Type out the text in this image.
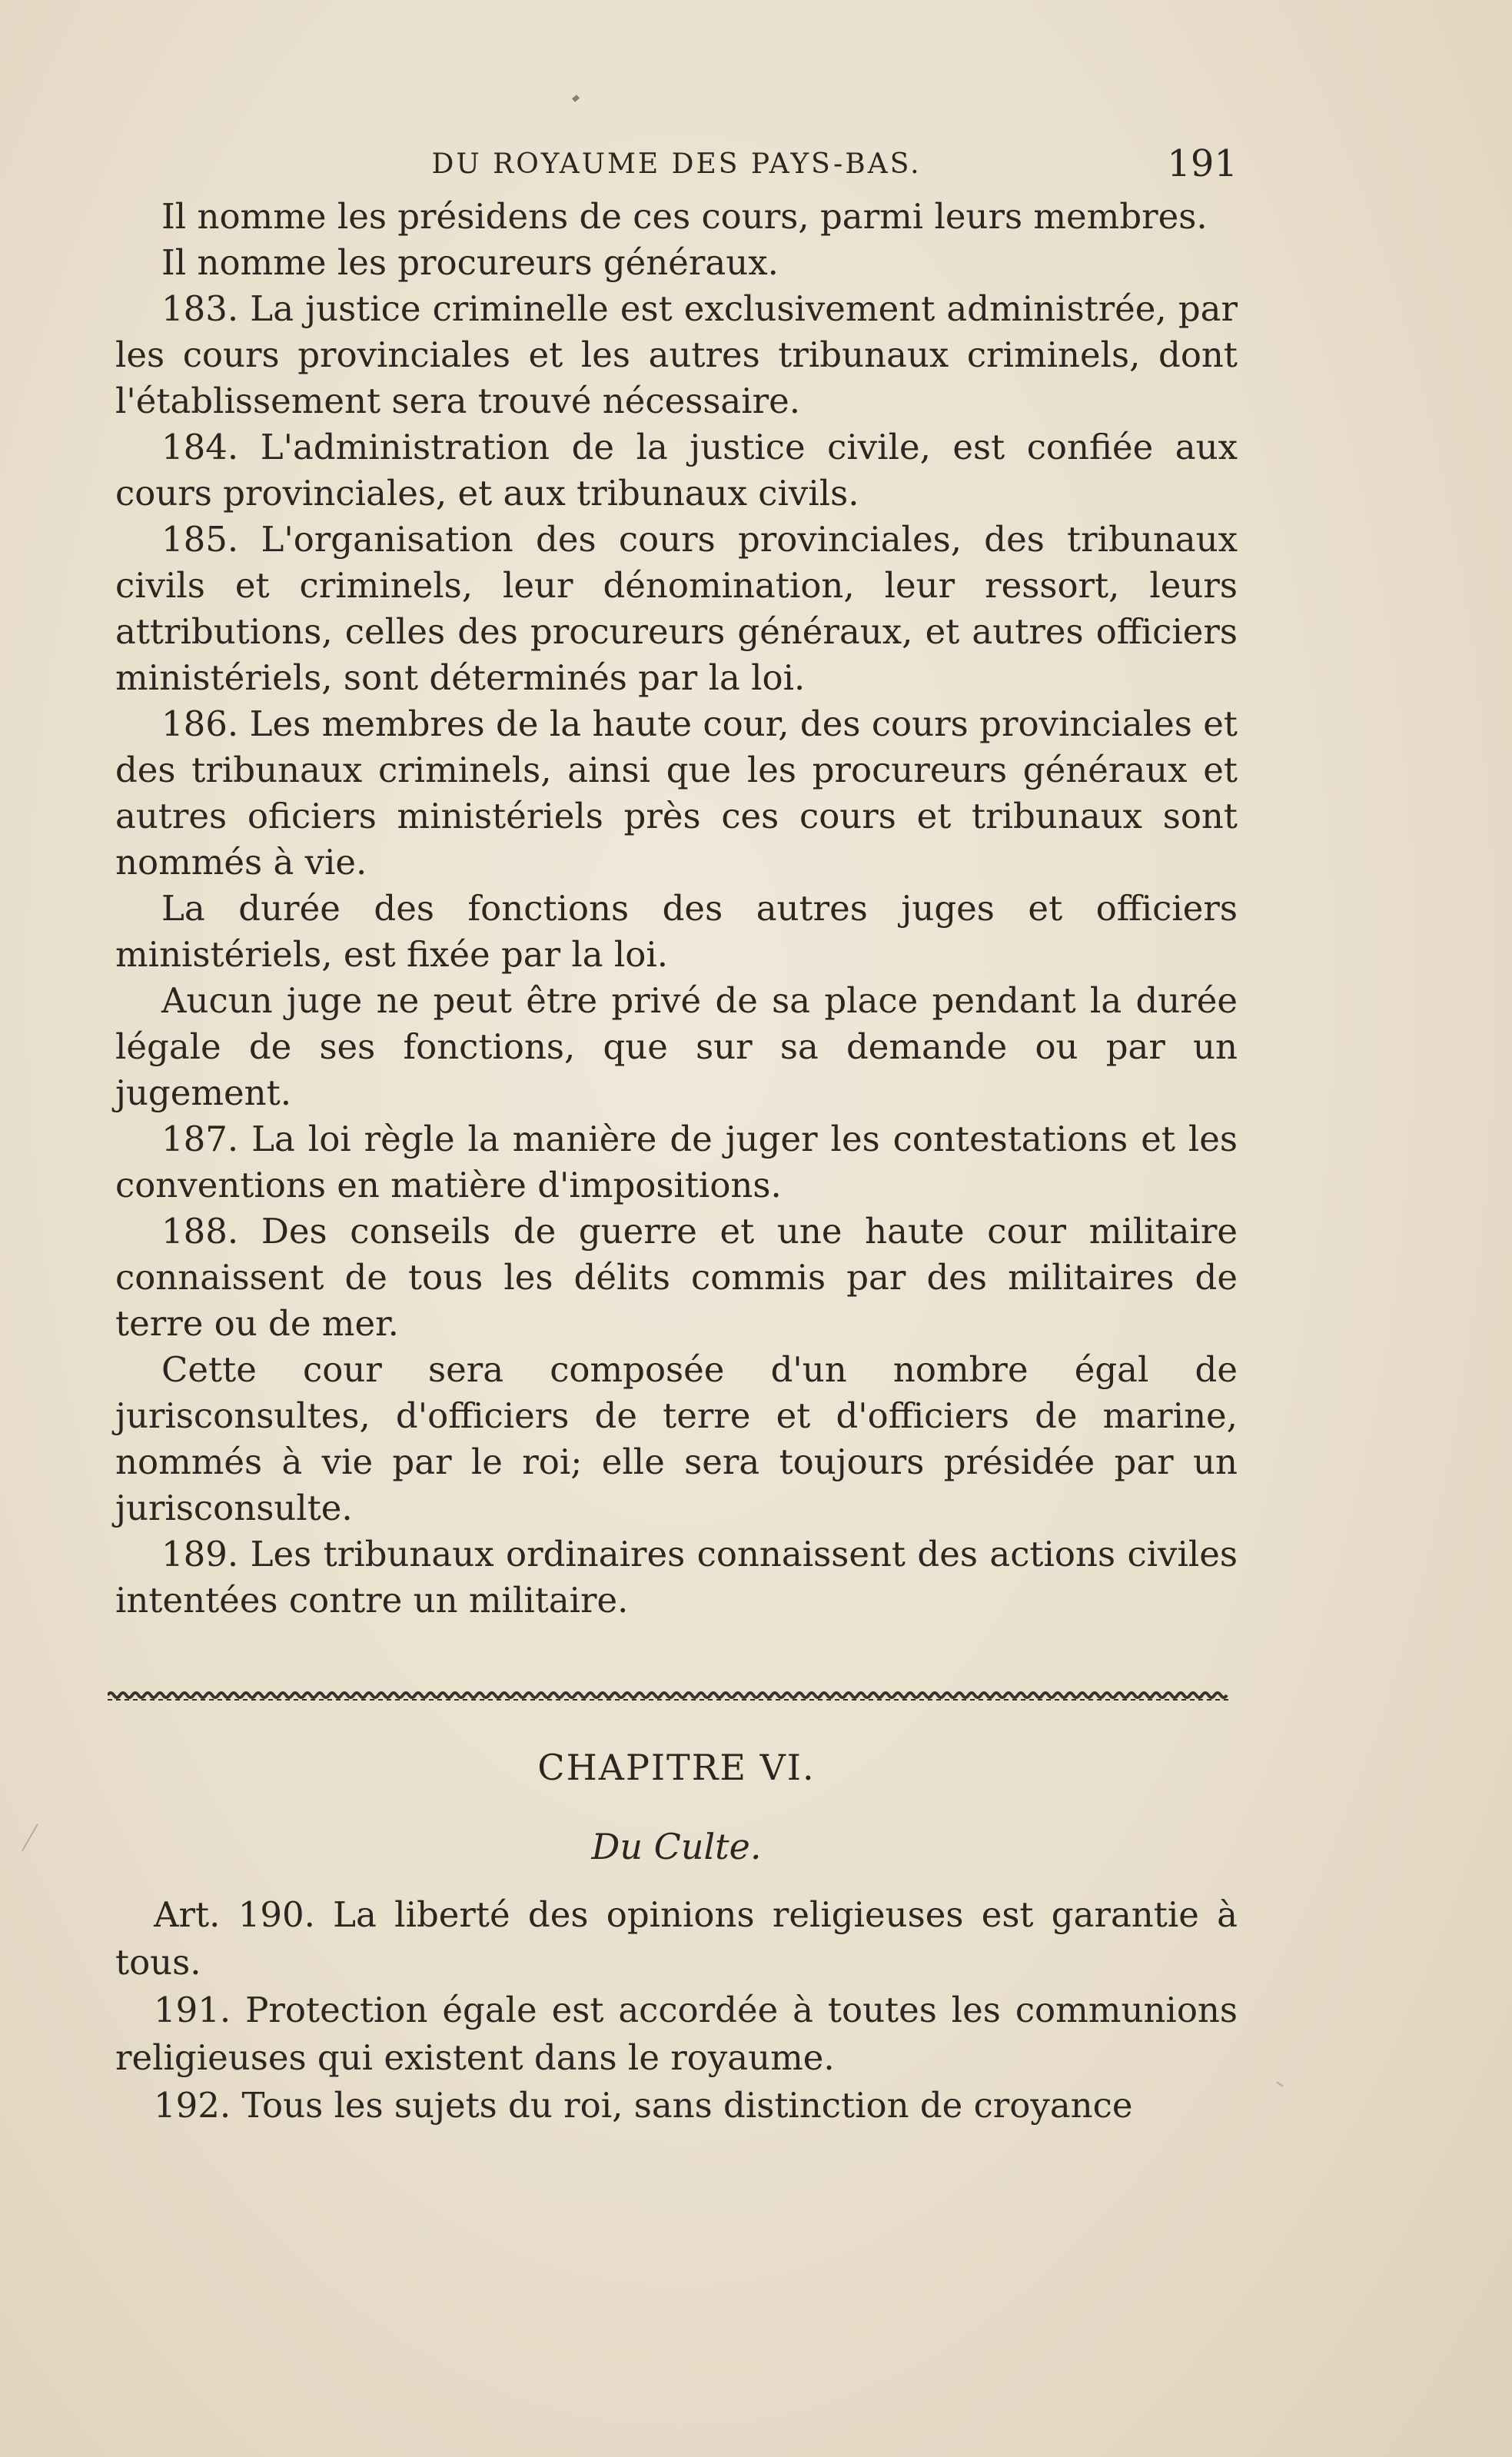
DU ROYAUME DES PAYS-BAS.	191

Il nomme les présidens de ces cours, parmi leurs membres.

Il nomme les procureurs généraux.

183. La justice criminelle est exclusivement administrée, par les cours provinciales et les autres tribunaux criminels, dont l'établissement sera trouvé nécessaire.

184. L'administration de la justice civile, est confiée aux cours provinciales, et aux tribunaux civils.

185. L'organisation des cours provinciales, des tribunaux civils et criminels, leur dénomination, leur ressort, leurs attributions, celles des procureurs généraux, et autres officiers ministériels, sont déterminés par la loi.

186. Les membres de la haute cour, des cours provinciales et des tribunaux criminels, ainsi que les procureurs généraux et autres oficiers ministériels près ces cours et tribunaux sont nommés à vie.

La durée des fonctions des autres juges et officiers ministériels, est fixée par la loi.

Aucun juge ne peut être privé de sa place pendant la durée légale de ses fonctions, que sur sa demande ou par un jugement.

187. La loi règle la manière de juger les contestations et les conventions en matière d'impositions.

188. Des conseils de guerre et une haute cour militaire connaissent de tous les délits commis par des militaires de terre ou de mer.

Cette cour sera composée d'un nombre égal de jurisconsultes, d'officiers de terre et d'officiers de marine, nommés à vie par le roi; elle sera toujours présidée par un jurisconsulte.

189. Les tribunaux ordinaires connaissent des actions civiles intentées contre un militaire.

CHAPITRE VI.
Du Culte.

Art. 190. La liberté des opinions religieuses est garantie à tous.

191. Protection égale est accordée à toutes les communions religieuses qui existent dans le royaume.

192. Tous les sujets du roi, sans distinction de croyance
